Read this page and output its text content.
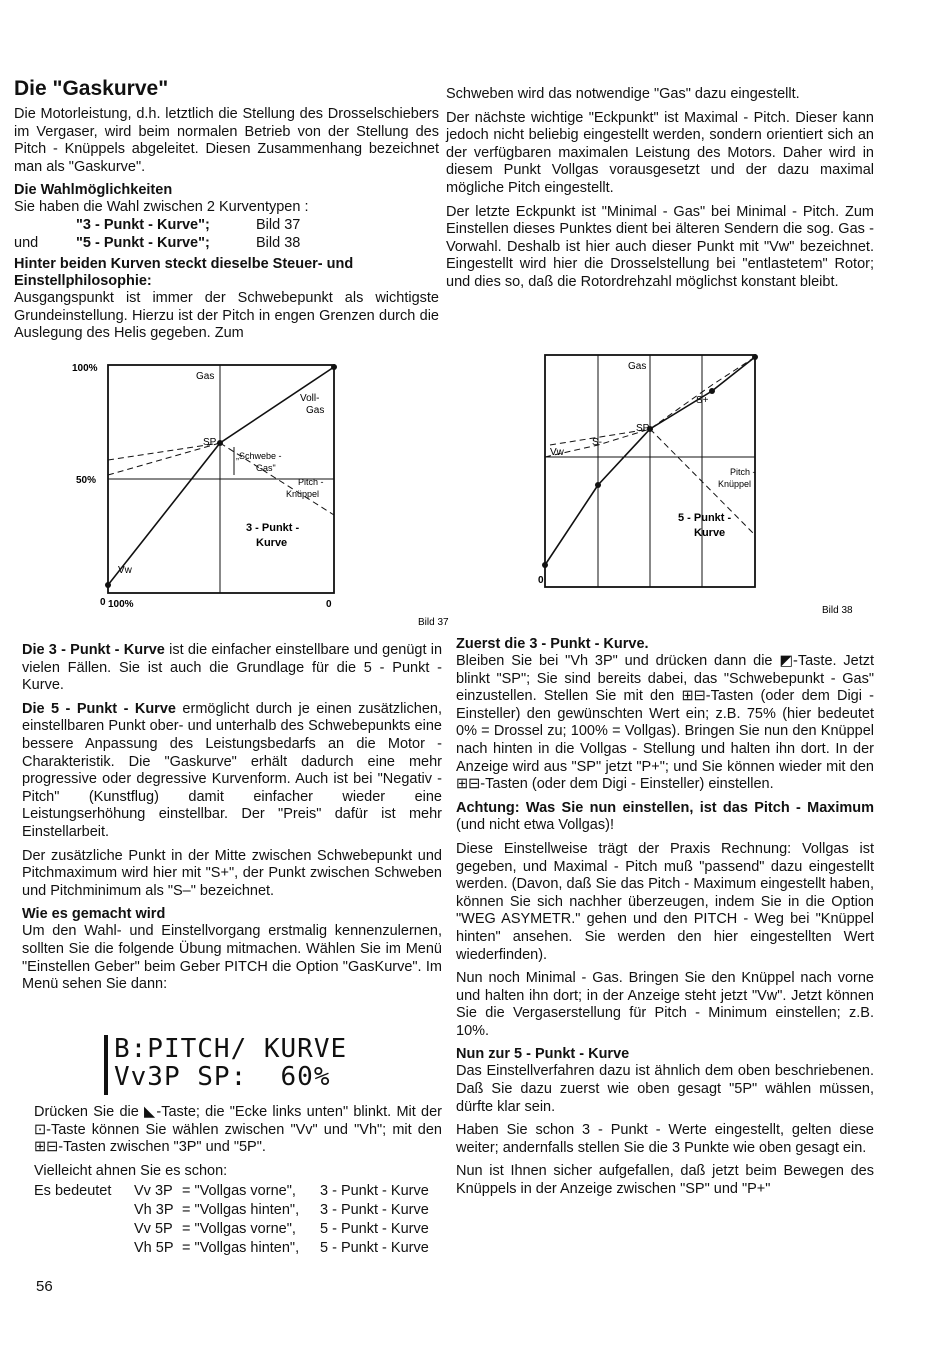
Die "Gaskurve"

Die Motorleistung, d.h. letztlich die Stellung des Drosselschiebers im Vergaser, wird beim normalen Betrieb von der Stellung des Pitch - Knüppels abgeleitet. Diesen Zusammenhang bezeichnet man als "Gaskurve".

Die Wahlmöglichkeiten
Sie haben die Wahl zwischen 2 Kurventypen :
"3 - Punkt - Kurve";	Bild 37
und	"5 - Punkt - Kurve";	Bild 38
Hinter beiden Kurven steckt dieselbe Steuer- und Einstellphilosophie:

Ausgangspunkt ist immer der Schwebepunkt als wichtigste Grundeinstellung. Hierzu ist der Pitch in engen Grenzen durch die Auslegung des Helis gegeben. Zum

Schweben wird das notwendige "Gas" dazu eingestellt.

Der nächste wichtige "Eckpunkt" ist Maximal - Pitch. Dieser kann jedoch nicht beliebig eingestellt werden, sondern orientiert sich an der verfügbaren maximalen Leistung des Motors. Daher wird in diesem Punkt Vollgas vorausgesetzt und der dazu maximal mögliche Pitch eingestellt.

Der letzte Eckpunkt ist "Minimal - Gas" bei Minimal - Pitch. Zum Einstellen dieses Punktes dient bei älteren Sendern die sog. Gas - Vorwahl. Deshalb ist hier auch dieser Punkt mit "Vw" bezeichnet. Eingestellt wird hier die Drosselstellung bei "entlastetem" Rotor; und dies so, daß die Rotordrehzahl möglichst konstant bleibt.

100%
50%
0 100%	0
Gas
Voll-
Gas
SP
„Schwebe -
Gas"
Pitch -
Knüppel
3 - Punkt -
Kurve
Vw
Bild 37
Gas
S+
S-
SP
Vw
Pitch -
Knüppel
5 - Punkt -
Kurve
0
Bild 38

Die 3 - Punkt - Kurve ist die einfacher einstellbare und genügt in vielen Fällen. Sie ist auch die Grundlage für die 5 - Punkt - Kurve.

Die 5 - Punkt - Kurve ermöglicht durch je einen zusätzlichen, einstellbaren Punkt ober- und unterhalb des Schwebepunkts eine bessere Anpassung des Leistungsbedarfs an die Motor - Charakteristik. Die "Gaskurve" erhält dadurch eine mehr progressive oder degressive Kurvenform. Auch ist bei "Negativ - Pitch" (Kunstflug) damit einfacher wieder eine Leistungserhöhung einstellbar. Der "Preis" dafür ist mehr Einstellarbeit.

Der zusätzliche Punkt in der Mitte zwischen Schwebepunkt und Pitchmaximum wird hier mit "S+", der Punkt zwischen Schweben und Pitchminimum als "S–" bezeichnet.

Wie es gemacht wird

Um den Wahl- und Einstellvorgang erstmalig kennenzulernen, sollten Sie die folgende Übung mitmachen. Wählen Sie im Menü "Einstellen Geber" beim Geber PITCH die Option "GasKurve". Im Menü sehen Sie dann:

B:PITCH/ KURVE
Vv3P SP:  60%

Drücken Sie die ◣-Taste; die "Ecke links unten" blinkt. Mit der ⊡-Taste können Sie wählen zwischen "Vv" und "Vh"; mit den ⊞⊟-Tasten zwischen "3P" und "5P".

Vielleicht ahnen Sie es schon:

Es bedeutet	Vv 3P = "Vollgas vorne",	3 - Punkt - Kurve
Vh 3P = "Vollgas hinten",	3 - Punkt - Kurve
Vv 5P = "Vollgas vorne",	5 - Punkt - Kurve
Vh 5P = "Vollgas hinten",	5 - Punkt - Kurve
Zuerst die 3 - Punkt - Kurve.

Bleiben Sie bei "Vh 3P" und drücken dann die ◩-Taste. Jetzt blinkt "SP"; Sie sind bereits dabei, das "Schwebepunkt - Gas" einzustellen. Stellen Sie mit den ⊞⊟-Tasten (oder dem Digi - Einsteller) den gewünschten Wert ein; z.B. 75% (hier bedeutet 0% = Drossel zu; 100% = Vollgas). Bringen Sie nun den Knüppel nach hinten in die Vollgas - Stellung und halten ihn dort. In der Anzeige wird aus "SP" jetzt "P+"; und Sie können wieder mit den ⊞⊟-Tasten (oder dem Digi - Einsteller) einstellen.

Achtung: Was Sie nun einstellen, ist das Pitch - Maximum (und nicht etwa Vollgas)!

Diese Einstellweise trägt der Praxis Rechnung: Vollgas ist gegeben, und Maximal - Pitch muß "passend" dazu eingestellt werden. (Davon, daß Sie das Pitch - Maximum eingestellt haben, können Sie sich nachher überzeugen, indem Sie in die Option "WEG ASYMETR." gehen und den PITCH - Weg bei "Knüppel hinten" ansehen. Sie werden den hier eingestellten Wert wiederfinden).

Nun noch Minimal - Gas. Bringen Sie den Knüppel nach vorne und halten ihn dort; in der Anzeige steht jetzt "Vw". Jetzt können Sie die Vergaserstellung für Pitch - Minimum einstellen; z.B. 10%.

Nun zur 5 - Punkt - Kurve

Das Einstellverfahren dazu ist ähnlich dem oben beschriebenen. Daß Sie dazu zuerst wie oben gesagt "5P" wählen müssen, dürfte klar sein.

Haben Sie schon 3 - Punkt - Werte eingestellt, gelten diese weiter; andernfalls stellen Sie die 3 Punkte wie oben gesagt ein.

Nun ist Ihnen sicher aufgefallen, daß jetzt beim Bewegen des Knüppels in der Anzeige zwischen "SP" und "P+"

56
